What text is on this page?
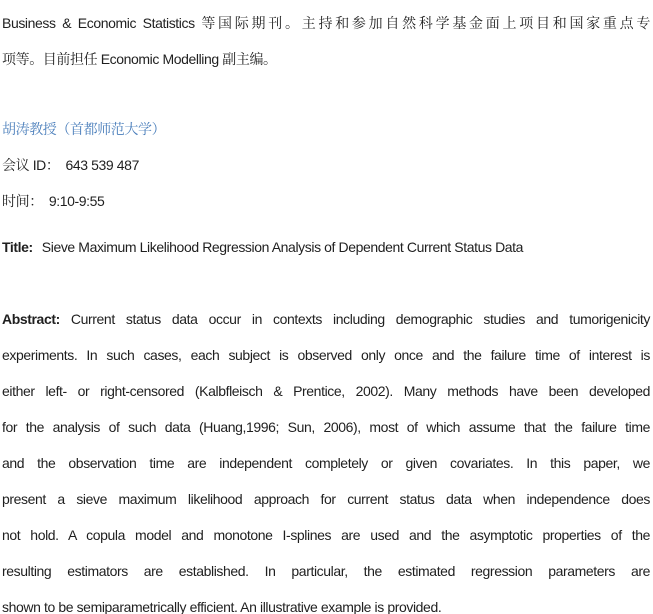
Business & Economic Statistics 等国际期刊。主持和参加自然科学基金面上项目和国家重点专
项等。目前担任 Economic Modelling 副主编。
胡涛教授（首都师范大学）
会议 ID： 643 539 487
时间： 9:10-9:55
Title: Sieve Maximum Likelihood Regression Analysis of Dependent Current Status Data
Abstract: Current status data occur in contexts including demographic studies and tumorigenicity
experiments. In such cases, each subject is observed only once and the failure time of interest is
either left- or right-censored (Kalbfleisch & Prentice, 2002). Many methods have been developed
for the analysis of such data (Huang,1996; Sun, 2006), most of which assume that the failure time
and the observation time are independent completely or given covariates. In this paper, we
present a sieve maximum likelihood approach for current status data when independence does
not hold. A copula model and monotone I-splines are used and the asymptotic properties of the
resulting estimators are established. In particular, the estimated regression parameters are
shown to be semiparametrically efficient. An illustrative example is provided.
